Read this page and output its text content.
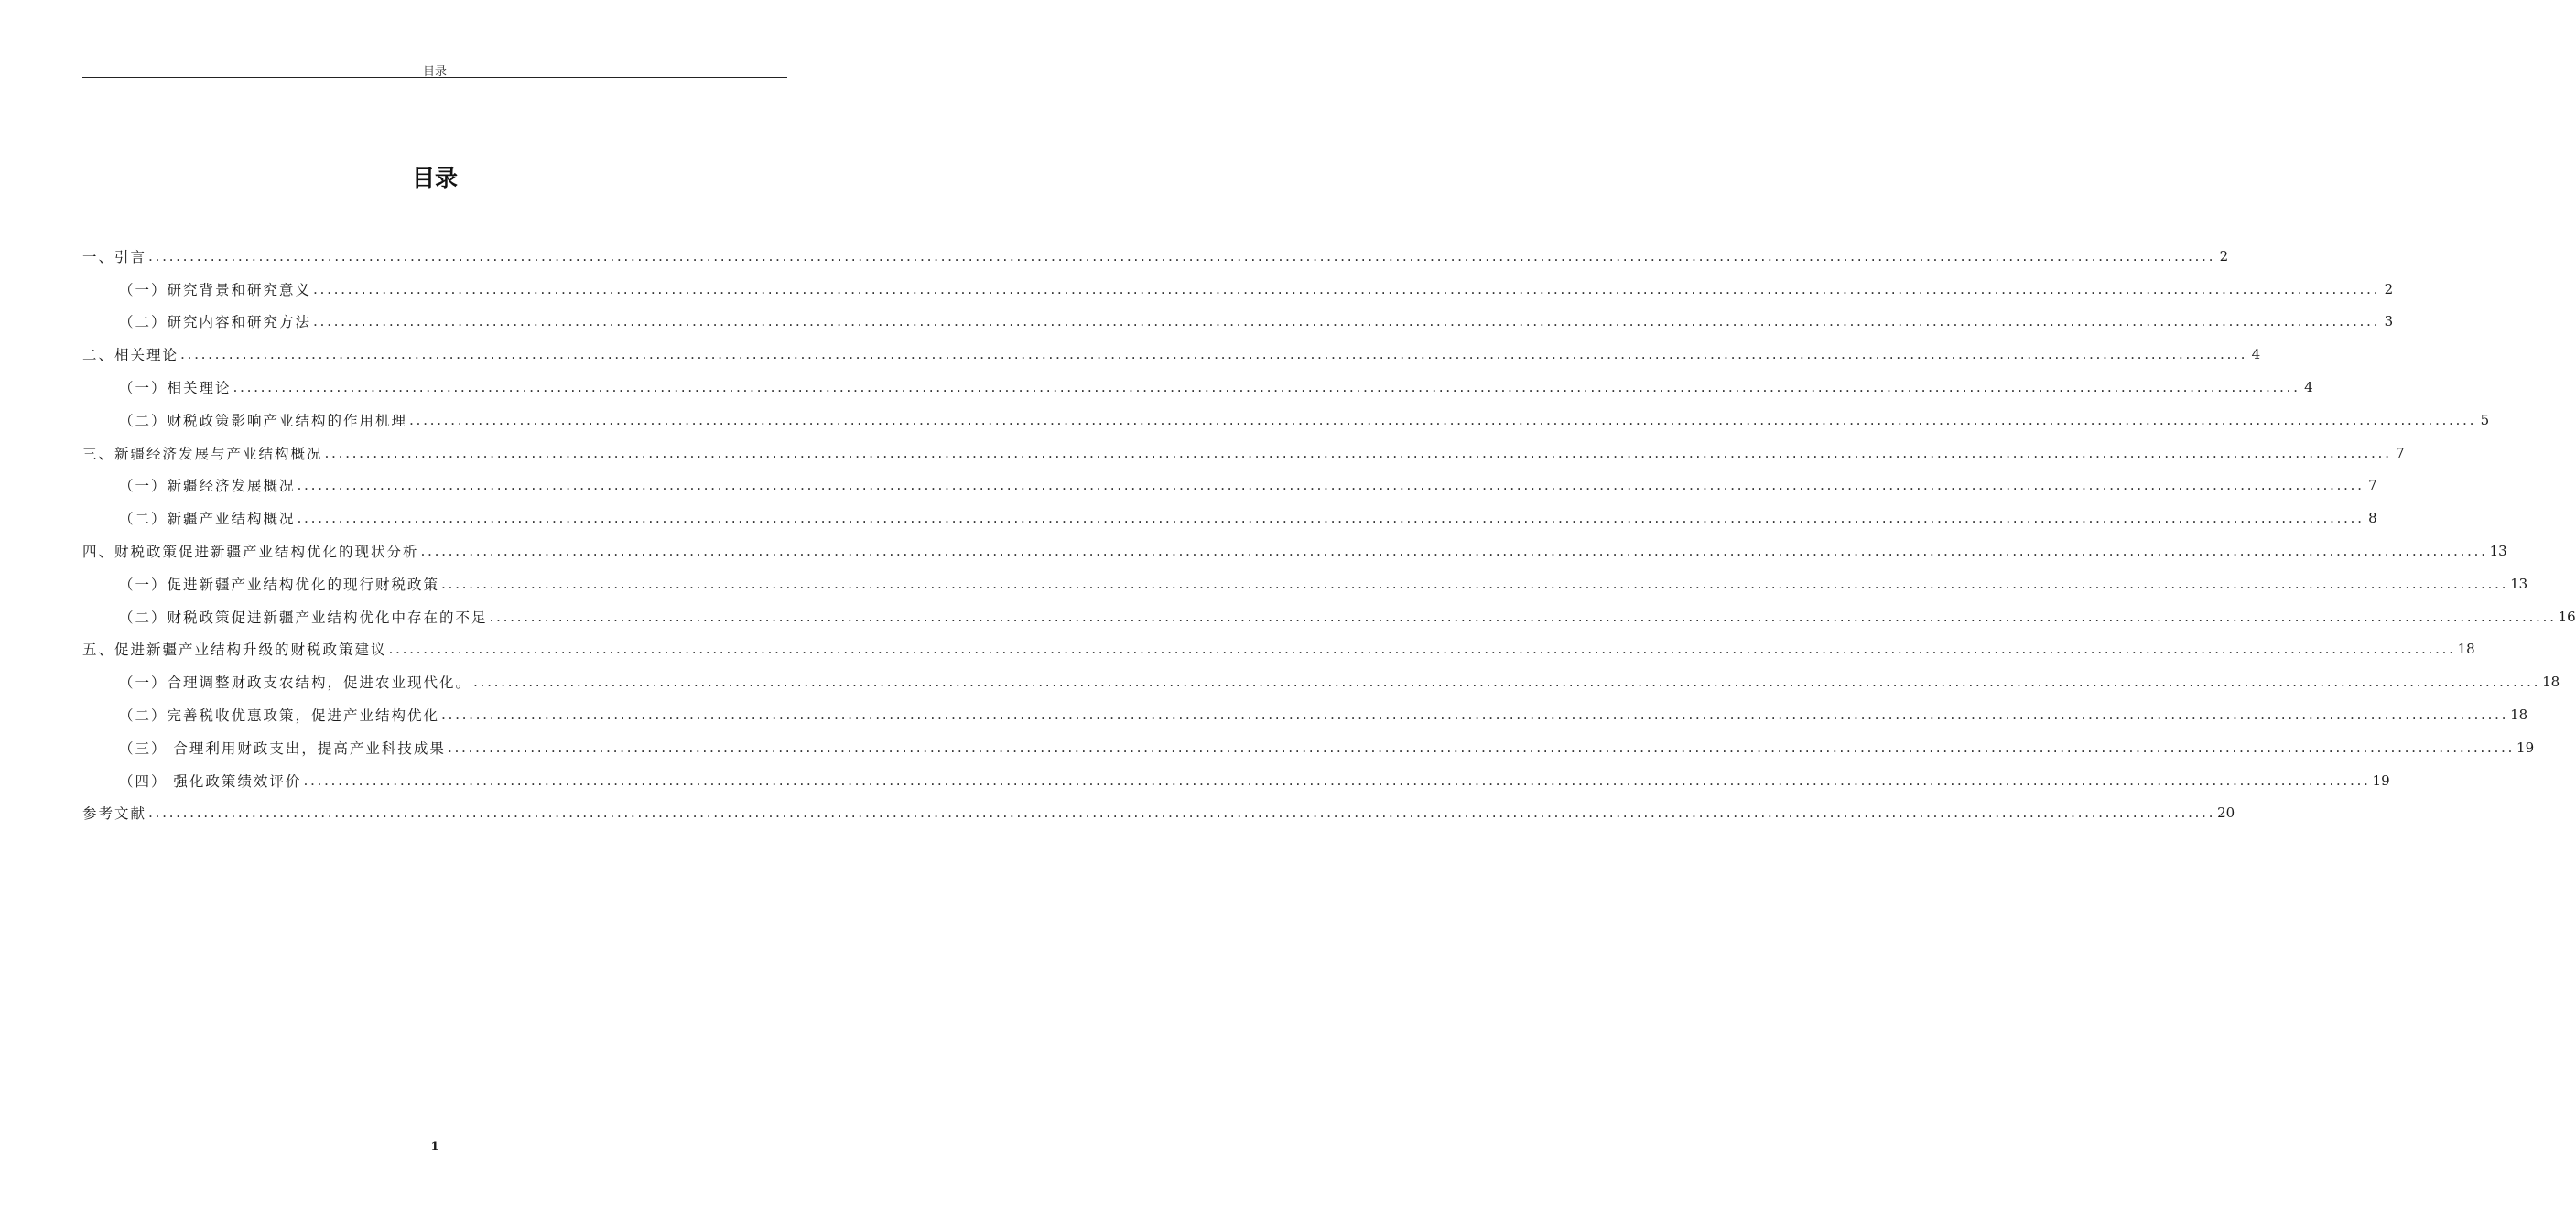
目录
目录
一、引言 ............................................................................................................................................................................................................................................................................................................ 2
（一）研究背景和研究意义 ............................................................................................................................................................................................................................................................................................................ 2
（二）研究内容和研究方法 ............................................................................................................................................................................................................................................................................................................ 3
二、相关理论 ............................................................................................................................................................................................................................................................................................................ 4
（一）相关理论 ............................................................................................................................................................................................................................................................................................................ 4
（二）财税政策影响产业结构的作用机理 ............................................................................................................................................................................................................................................................................................................ 5
三、新疆经济发展与产业结构概况 ............................................................................................................................................................................................................................................................................................................ 7
（一）新疆经济发展概况 ............................................................................................................................................................................................................................................................................................................ 7
（二）新疆产业结构概况 ............................................................................................................................................................................................................................................................................................................ 8
四、财税政策促进新疆产业结构优化的现状分析 ............................................................................................................................................................................................................................................................................................................ 13
（一）促进新疆产业结构优化的现行财税政策 ............................................................................................................................................................................................................................................................................................................ 13
（二）财税政策促进新疆产业结构优化中存在的不足 ............................................................................................................................................................................................................................................................................................................ 16
五、促进新疆产业结构升级的财税政策建议 ............................................................................................................................................................................................................................................................................................................ 18
（一）合理调整财政支农结构，促进农业现代化。 ............................................................................................................................................................................................................................................................................................................ 18
（二）完善税收优惠政策，促进产业结构优化 ............................................................................................................................................................................................................................................................................................................ 18
（三） 合理利用财政支出，提高产业科技成果 ............................................................................................................................................................................................................................................................................................................ 19
（四） 强化政策绩效评价 ............................................................................................................................................................................................................................................................................................................ 19
参考文献 ............................................................................................................................................................................................................................................................................................................ 20
1
